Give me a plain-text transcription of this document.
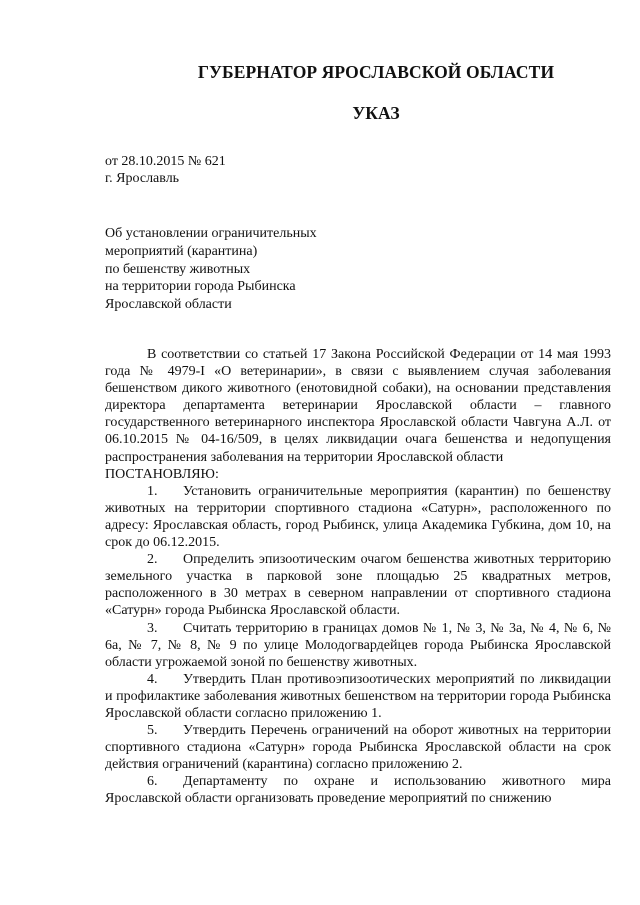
ГУБЕРНАТОР ЯРОСЛАВСКОЙ ОБЛАСТИ
УКАЗ
от 28.10.2015 № 621
г. Ярославль
Об установлении ограничительных
мероприятий (карантина)
по бешенству животных
на территории города Рыбинска
Ярославской области

В соответствии со статьей 17 Закона Российской Федерации от 14 мая 1993 года № 4979-I «О ветеринарии», в связи с выявлением случая заболевания бешенством дикого животного (енотовидной собаки), на основании представления директора департамента ветеринарии Ярославской области – главного государственного ветеринарного инспектора Ярославской области Чавгуна А.Л. от 06.10.2015 № 04-16/509, в целях ликвидации очага бешенства и недопущения распространения заболевания на территории Ярославской области

ПОСТАНОВЛЯЮ:

1. Установить ограничительные мероприятия (карантин) по бешенству животных на территории спортивного стадиона «Сатурн», расположенного по адресу: Ярославская область, город Рыбинск, улица Академика Губкина, дом 10, на срок до 06.12.2015.

2. Определить эпизоотическим очагом бешенства животных территорию земельного участка в парковой зоне площадью 25 квадратных метров, расположенного в 30 метрах в северном направлении от спортивного стадиона «Сатурн» города Рыбинска Ярославской области.

3. Считать территорию в границах домов № 1, № 3, № 3а, № 4, № 6, № 6а, № 7, № 8, № 9 по улице Молодогвардейцев города Рыбинска Ярославской области угрожаемой зоной по бешенству животных.

4. Утвердить План противоэпизоотических мероприятий по ликвидации и профилактике заболевания животных бешенством на территории города Рыбинска Ярославской области согласно приложению 1.

5. Утвердить Перечень ограничений на оборот животных на территории спортивного стадиона «Сатурн» города Рыбинска Ярославской области на срок действия ограничений (карантина) согласно приложению 2.

6. Департаменту по охране и использованию животного мира Ярославской области организовать проведение мероприятий по снижению
